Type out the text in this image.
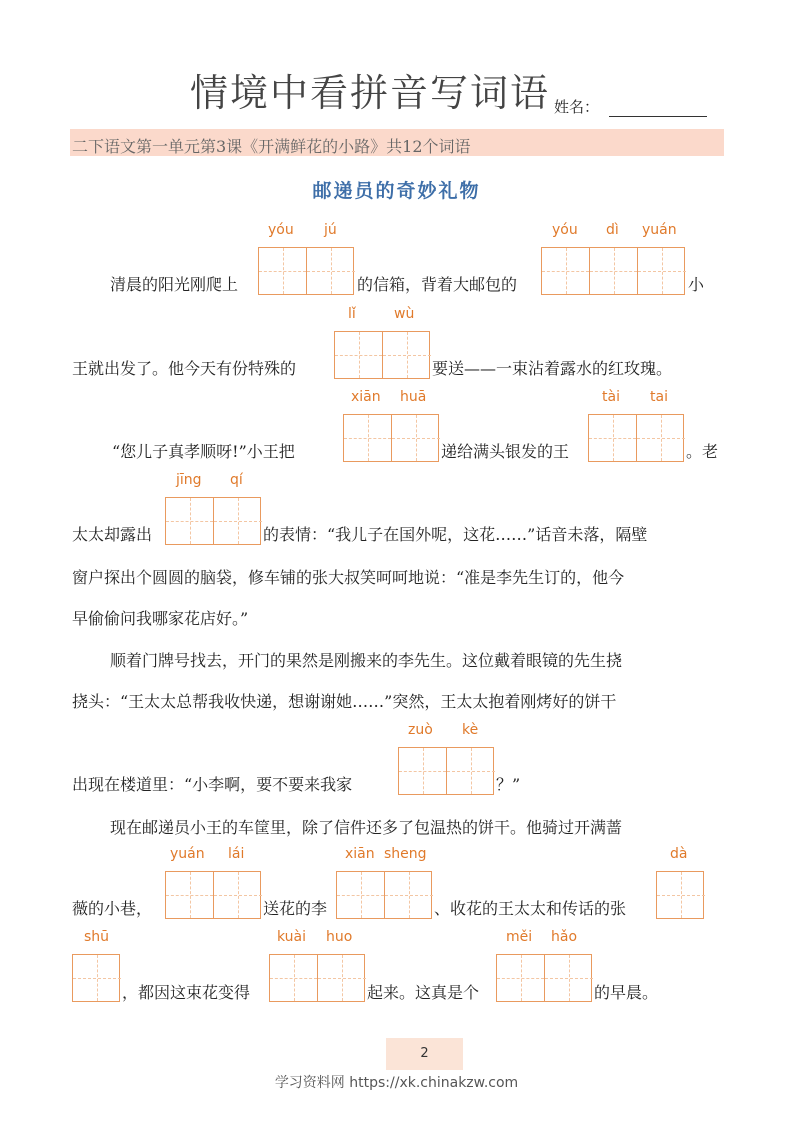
情境中看拼音写词语 姓名：
二下语文第一单元第3课《开满鲜花的小路》共12个词语
邮递员的奇妙礼物
yóu jú	yóu dì yuán
清晨的阳光刚爬上	的信箱，背着大邮包的	小
lǐ	wù
王就出发了。他今天有份特殊的	要送——一束沾着露水的红玫瑰。
xiān huā	tài tai
“您儿子真孝顺呀!”小王把	递给满头银发的王	。老
jīng qí
太太却露出	的表情：“我儿子在国外呢，这花……”话音未落，隔壁
窗户探出个圆圆的脑袋，修车铺的张大叔笑呵呵地说：“准是李先生订的，他今
早偷偷问我哪家花店好。”
顺着门牌号找去，开门的果然是刚搬来的李先生。这位戴着眼镜的先生挠
挠头：“王太太总帮我收快递，想谢谢她……”突然，王太太抱着刚烤好的饼干
zuò kè
出现在楼道里：“小李啊，要不要来我家	？”
现在邮递员小王的车筐里，除了信件还多了包温热的饼干。他骑过开满蔷
yuán lái	xiān sheng	dà
薇的小巷，	送花的李	、收花的王太太和传话的张
shū	kuài huo	měi hǎo
，都因这束花变得	起来。这真是个	的早晨。
2
学习资料网 https://xk.chinakzw.com
